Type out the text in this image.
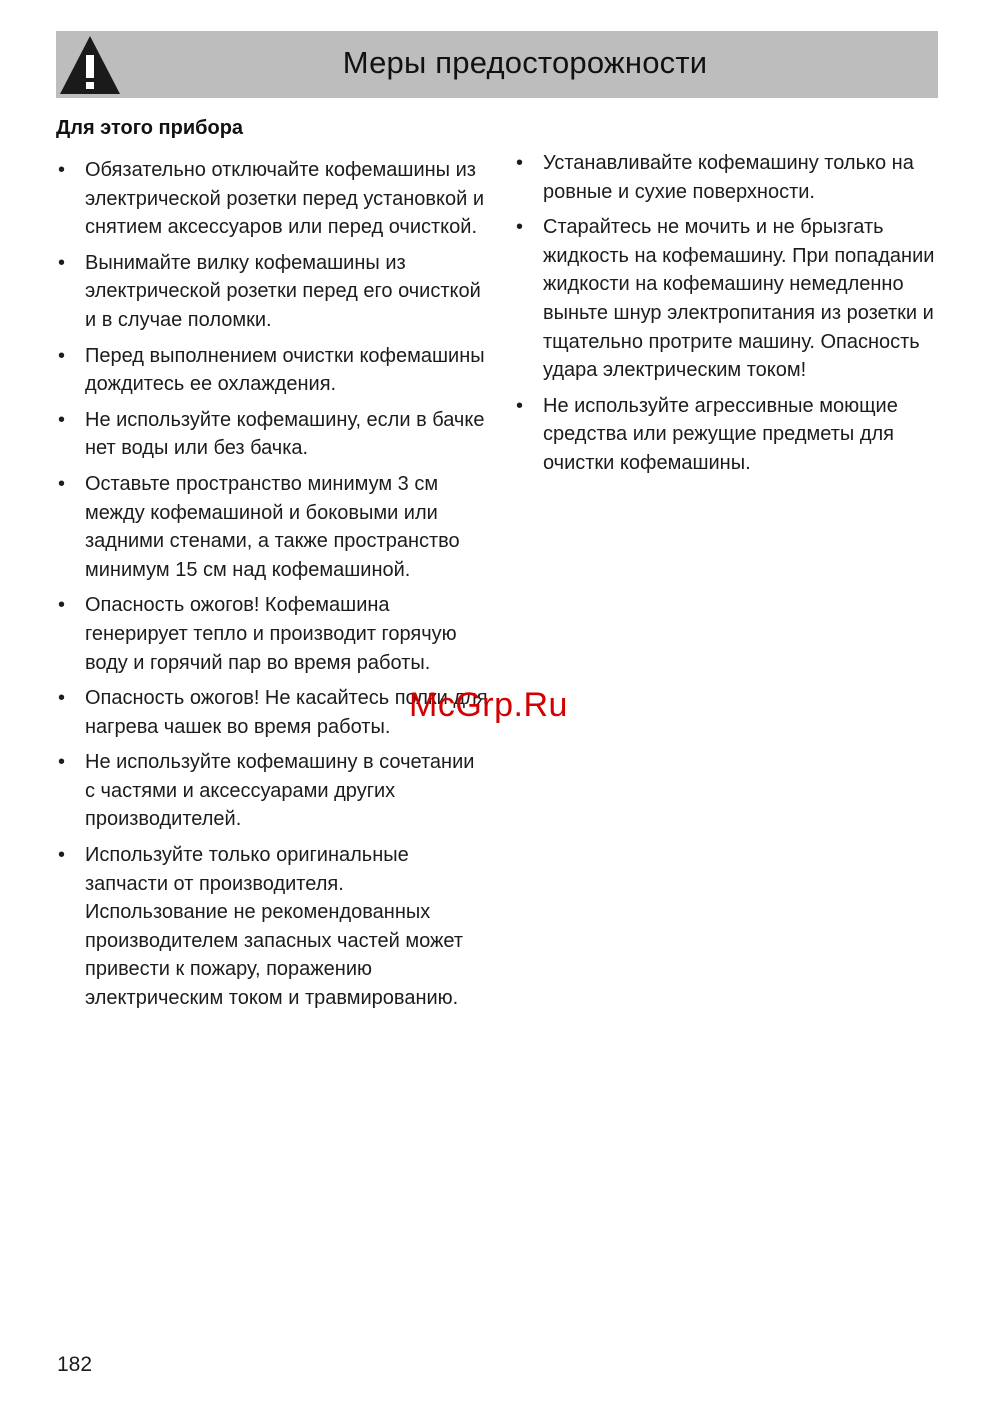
Меры предосторожности
Для этого прибора
• Обязательно отключайте кофемашины из электрической розетки перед установкой и снятием аксессуаров или перед очисткой.
• Вынимайте вилку кофемашины из электрической розетки перед его очисткой и в случае поломки.
• Перед выполнением очистки кофемашины дождитесь ее охлаждения.
• Не используйте кофемашину, если в бачке нет воды или без бачка.
• Оставьте пространство минимум 3 см между кофемашиной и боковыми или задними стенами, а также пространство минимум 15 см над кофемашиной.
• Опасность ожогов! Кофемашина генерирует тепло и производит горячую воду и горячий пар во время работы.
• Опасность ожогов! Не касайтесь полки для нагрева чашек во время работы.
• Не используйте кофемашину в сочетании с частями и аксессуарами других производителей.
• Используйте только оригинальные запчасти от производителя. Использование не рекомендованных производителем запасных частей может привести к пожару, поражению электрическим током и травмированию.
• Устанавливайте кофемашину только на ровные и сухие поверхности.
• Старайтесь не мочить и не брызгать жидкость на кофемашину. При попадании жидкости на кофемашину немедленно выньте шнур электропитания из розетки и тщательно протрите машину. Опасность удара электрическим током!
• Не используйте агрессивные моющие средства или режущие предметы для очистки кофемашины.
McGrp.Ru
182
